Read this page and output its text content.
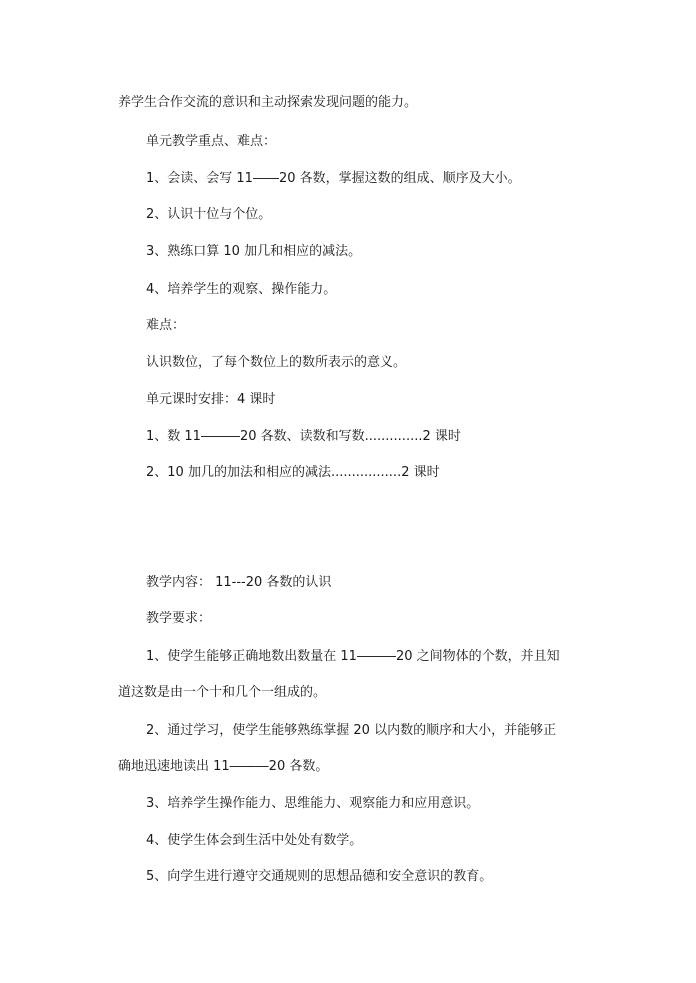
养学生合作交流的意识和主动探索发现问题的能力。
单元教学重点、难点：
1、会读、会写 11――20 各数，掌握这数的组成、顺序及大小。
2、认识十位与个位。
3、熟练口算 10 加几和相应的减法。
4、培养学生的观察、操作能力。
难点：
认识数位，了每个数位上的数所表示的意义。
单元课时安排：4 课时
1、数 11―――20 各数、读数和写数..............2 课时
2、10 加几的加法和相应的减法.................2 课时
教学内容： 11---20 各数的认识
教学要求：
1、使学生能够正确地数出数量在 11―――20 之间物体的个数，并且知
道这数是由一个十和几个一组成的。
2、通过学习，使学生能够熟练掌握 20 以内数的顺序和大小，并能够正
确地迅速地读出 11―――20 各数。
3、培养学生操作能力、思维能力、观察能力和应用意识。
4、使学生体会到生活中处处有数学。
5、向学生进行遵守交通规则的思想品德和安全意识的教育。
